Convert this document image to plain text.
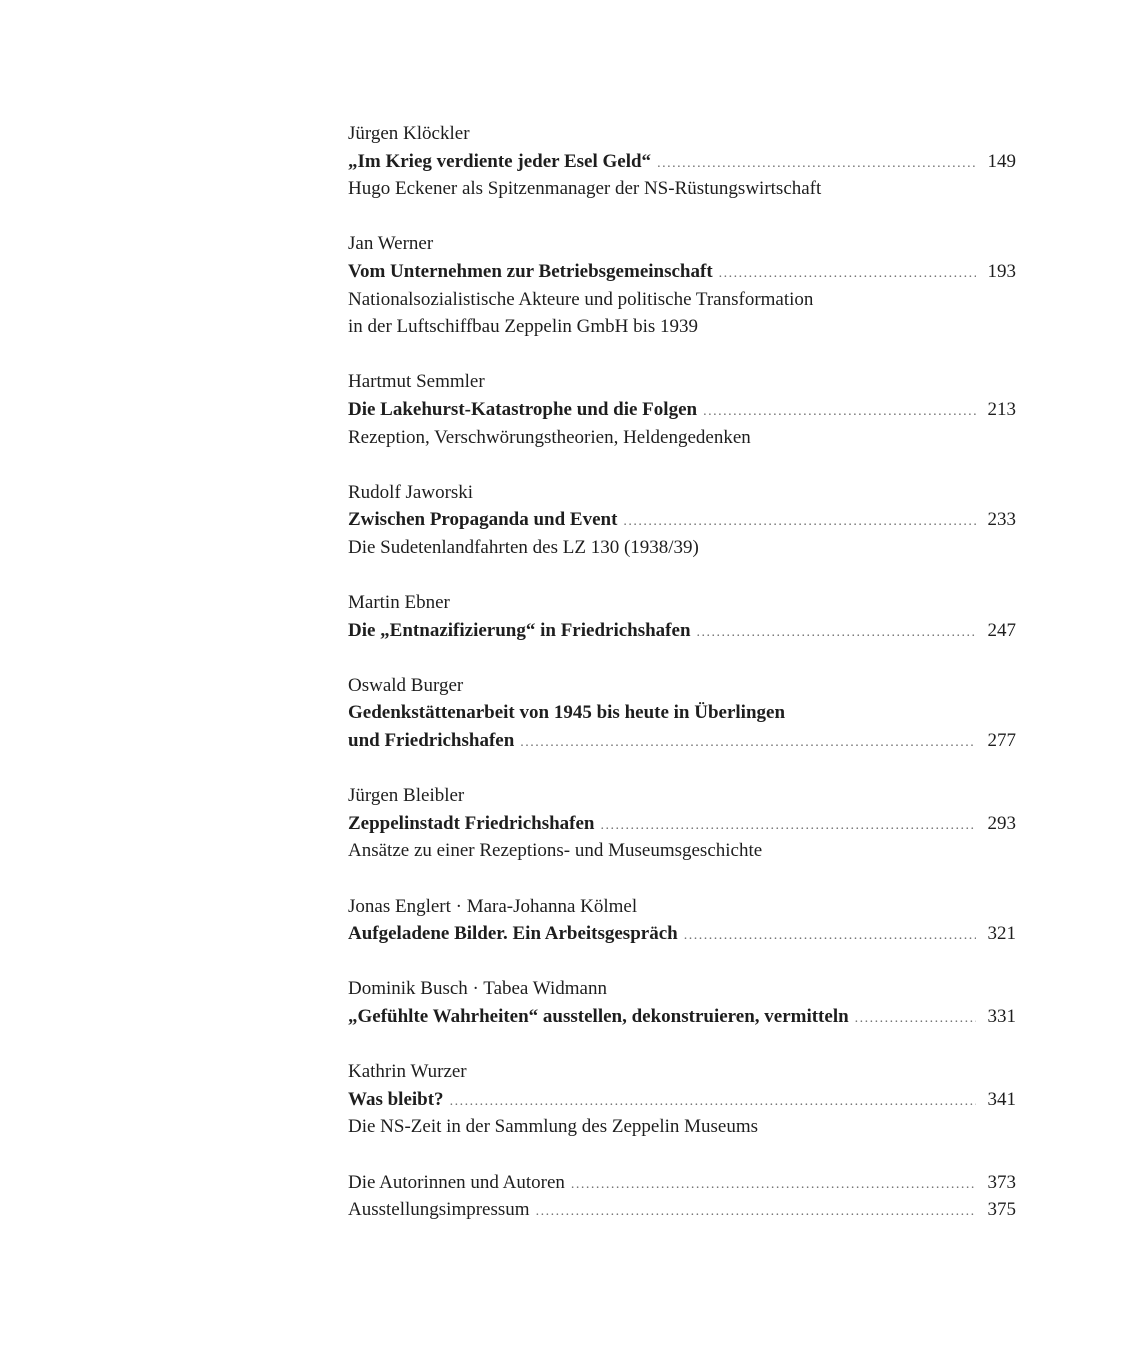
Jürgen Klöckler
„Im Krieg verdiente jeder Esel Geld“ .....	149
Hugo Eckener als Spitzenmanager der NS-Rüstungswirtschaft
Jan Werner
Vom Unternehmen zur Betriebsgemeinschaft .....	193
Nationalsozialistische Akteure und politische Transformation
in der Luftschiffbau Zeppelin GmbH bis 1939
Hartmut Semmler
Die Lakehurst-Katastrophe und die Folgen .....	213
Rezeption, Verschwörungstheorien, Heldengedenken
Rudolf Jaworski
Zwischen Propaganda und Event .....	233
Die Sudetenlandfahrten des LZ 130 (1938/39)
Martin Ebner
Die „Entnazifizierung“ in Friedrichshafen .....	247
Oswald Burger
Gedenkstättenarbeit von 1945 bis heute in Überlingen
und Friedrichshafen .....	277
Jürgen Bleibler
Zeppelinstadt Friedrichshafen .....	293
Ansätze zu einer Rezeptions- und Museumsgeschichte
Jonas Englert · Mara-Johanna Kölmel
Aufgeladene Bilder. Ein Arbeitsgespräch .....	321
Dominik Busch · Tabea Widmann
„Gefühlte Wahrheiten“ ausstellen, dekonstruieren, vermitteln .....	331
Kathrin Wurzer
Was bleibt? .....	341
Die NS-Zeit in der Sammlung des Zeppelin Museums
Die Autorinnen und Autoren .....	373
Ausstellungsimpressum .....	375
